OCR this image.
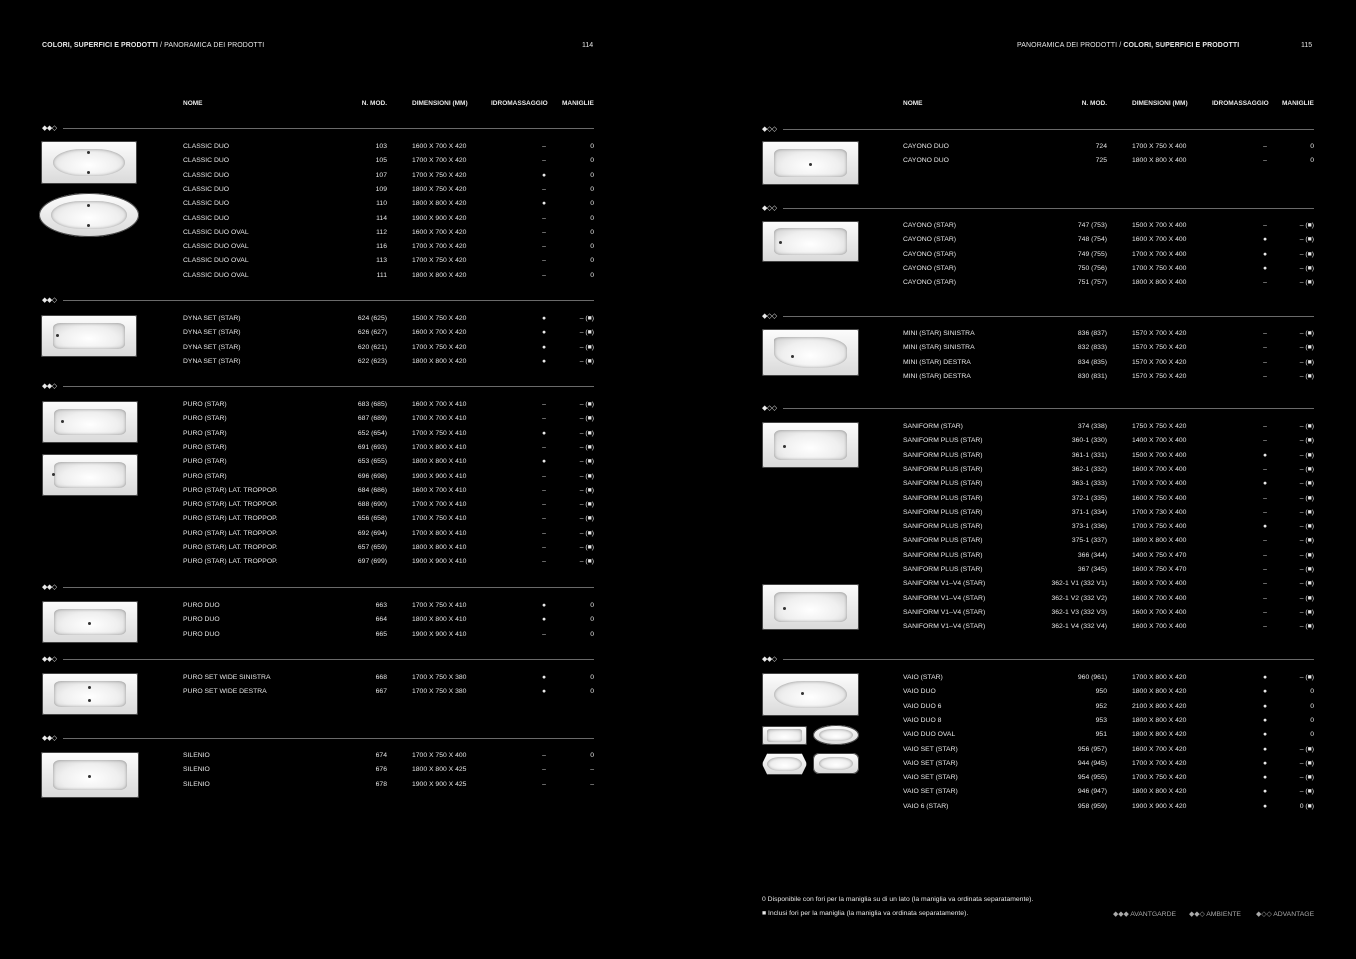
COLORI, SUPERFICI E PRODOTTI / PANORAMICA DEI PRODOTTI	114
NOME	N. MOD.	DIMENSIONI (MM)	IDROMASSAGGIO MANIGLIE
◆◆◇
CLASSIC DUO	103	1600 X 700 X 420	–	0
CLASSIC DUO	105	1700 X 700 X 420	–	0
CLASSIC DUO	107	1700 X 750 X 420	●	0
CLASSIC DUO	109	1800 X 750 X 420	–	0
CLASSIC DUO	110	1800 X 800 X 420	●	0
CLASSIC DUO	114	1900 X 900 X 420	–	0
CLASSIC DUO OVAL	112	1600 X 700 X 420	–	0
CLASSIC DUO OVAL	116	1700 X 700 X 420	–	0
CLASSIC DUO OVAL	113	1700 X 750 X 420	–	0
CLASSIC DUO OVAL	111	1800 X 800 X 420	–	0
◆◆◇
DYNA SET (STAR)	624 (625)	1500 X 750 X 420	●	– (■)
DYNA SET (STAR)	626 (627)	1600 X 700 X 420	●	– (■)
DYNA SET (STAR)	620 (621)	1700 X 750 X 420	●	– (■)
DYNA SET (STAR)	622 (623)	1800 X 800 X 420	●	– (■)
◆◆◇
PURO (STAR)	683 (685)	1600 X 700 X 410	–	– (■)
PURO (STAR)	687 (689)	1700 X 700 X 410	–	– (■)
PURO (STAR)	652 (654)	1700 X 750 X 410	●	– (■)
PURO (STAR)	691 (693)	1700 X 800 X 410	–	– (■)
PURO (STAR)	653 (655)	1800 X 800 X 410	●	– (■)
PURO (STAR)	696 (698)	1900 X 900 X 410	–	– (■)
PURO (STAR) LAT. TROPPOP.	684 (686)	1600 X 700 X 410	–	– (■)
PURO (STAR) LAT. TROPPOP.	688 (690)	1700 X 700 X 410	–	– (■)
PURO (STAR) LAT. TROPPOP.	656 (658)	1700 X 750 X 410	–	– (■)
PURO (STAR) LAT. TROPPOP.	692 (694)	1700 X 800 X 410	–	– (■)
PURO (STAR) LAT. TROPPOP.	657 (659)	1800 X 800 X 410	–	– (■)
PURO (STAR) LAT. TROPPOP.	697 (699)	1900 X 900 X 410	–	– (■)
◆◆◇
PURO DUO	663	1700 X 750 X 410	●	0
PURO DUO	664	1800 X 800 X 410	●	0
PURO DUO	665	1900 X 900 X 410	–	0
◆◆◇
PURO SET WIDE SINISTRA	668	1700 X 750 X 380	●	0
PURO SET WIDE DESTRA	667	1700 X 750 X 380	●	0
◆◆◇
SILENIO	674	1700 X 750 X 400	–	0
SILENIO	676	1800 X 800 X 425	–	–
SILENIO	678	1900 X 900 X 425	–	–
PANORAMICA DEI PRODOTTI / COLORI, SUPERFICI E PRODOTTI	115
NOME	N. MOD.	DIMENSIONI (MM)	IDROMASSAGGIO MANIGLIE
◆◇◇
CAYONO DUO	724	1700 X 750 X 400	–	0
CAYONO DUO	725	1800 X 800 X 400	–	0
◆◇◇
CAYONO (STAR)	747 (753)	1500 X 700 X 400	–	– (■)
CAYONO (STAR)	748 (754)	1600 X 700 X 400	●	– (■)
CAYONO (STAR)	749 (755)	1700 X 700 X 400	●	– (■)
CAYONO (STAR)	750 (756)	1700 X 750 X 400	●	– (■)
CAYONO (STAR)	751 (757)	1800 X 800 X 400	–	– (■)
◆◇◇
MINI (STAR) SINISTRA	836 (837)	1570 X 700 X 420	–	– (■)
MINI (STAR) SINISTRA	832 (833)	1570 X 750 X 420	–	– (■)
MINI (STAR) DESTRA	834 (835)	1570 X 700 X 420	–	– (■)
MINI (STAR) DESTRA	830 (831)	1570 X 750 X 420	–	– (■)
◆◇◇
SANIFORM (STAR)	374 (338)	1750 X 750 X 420	–	– (■)
SANIFORM PLUS (STAR)	360-1 (330)	1400 X 700 X 400	–	– (■)
SANIFORM PLUS (STAR)	361-1 (331)	1500 X 700 X 400	●	– (■)
SANIFORM PLUS (STAR)	362-1 (332)	1600 X 700 X 400	–	– (■)
SANIFORM PLUS (STAR)	363-1 (333)	1700 X 700 X 400	●	– (■)
SANIFORM PLUS (STAR)	372-1 (335)	1600 X 750 X 400	–	– (■)
SANIFORM PLUS (STAR)	371-1 (334)	1700 X 730 X 400	–	– (■)
SANIFORM PLUS (STAR)	373-1 (336)	1700 X 750 X 400	●	– (■)
SANIFORM PLUS (STAR)	375-1 (337)	1800 X 800 X 400	–	– (■)
SANIFORM PLUS (STAR)	366 (344)	1400 X 750 X 470	–	– (■)
SANIFORM PLUS (STAR)	367 (345)	1600 X 750 X 470	–	– (■)
SANIFORM V1–V4 (STAR)	362-1 V1 (332 V1)	1600 X 700 X 400	–	– (■)
SANIFORM V1–V4 (STAR)	362-1 V2 (332 V2)	1600 X 700 X 400	–	– (■)
SANIFORM V1–V4 (STAR)	362-1 V3 (332 V3)	1600 X 700 X 400	–	– (■)
SANIFORM V1–V4 (STAR)	362-1 V4 (332 V4)	1600 X 700 X 400	–	– (■)
◆◆◇
VAIO (STAR)	960 (961)	1700 X 800 X 420	●	– (■)
VAIO DUO	950	1800 X 800 X 420	●	0
VAIO DUO 6	952	2100 X 800 X 420	●	0
VAIO DUO 8	953	1800 X 800 X 420	●	0
VAIO DUO OVAL	951	1800 X 800 X 420	●	0
VAIO SET (STAR)	956 (957)	1600 X 700 X 420	●	– (■)
VAIO SET (STAR)	944 (945)	1700 X 700 X 420	●	– (■)
VAIO SET (STAR)	954 (955)	1700 X 750 X 420	●	– (■)
VAIO SET (STAR)	946 (947)	1800 X 800 X 420	●	– (■)
VAIO 6 (STAR)	958 (959)	1900 X 900 X 420	●	0 (■)
0 Disponibile con fori per la maniglia su di un lato (la maniglia va ordinata separatamente).
■ Inclusi fori per la maniglia (la maniglia va ordinata separatamente).	◆◆◆ AVANTGARDE ◆◆◇ AMBIENTE ◆◇◇ ADVANTAGE
